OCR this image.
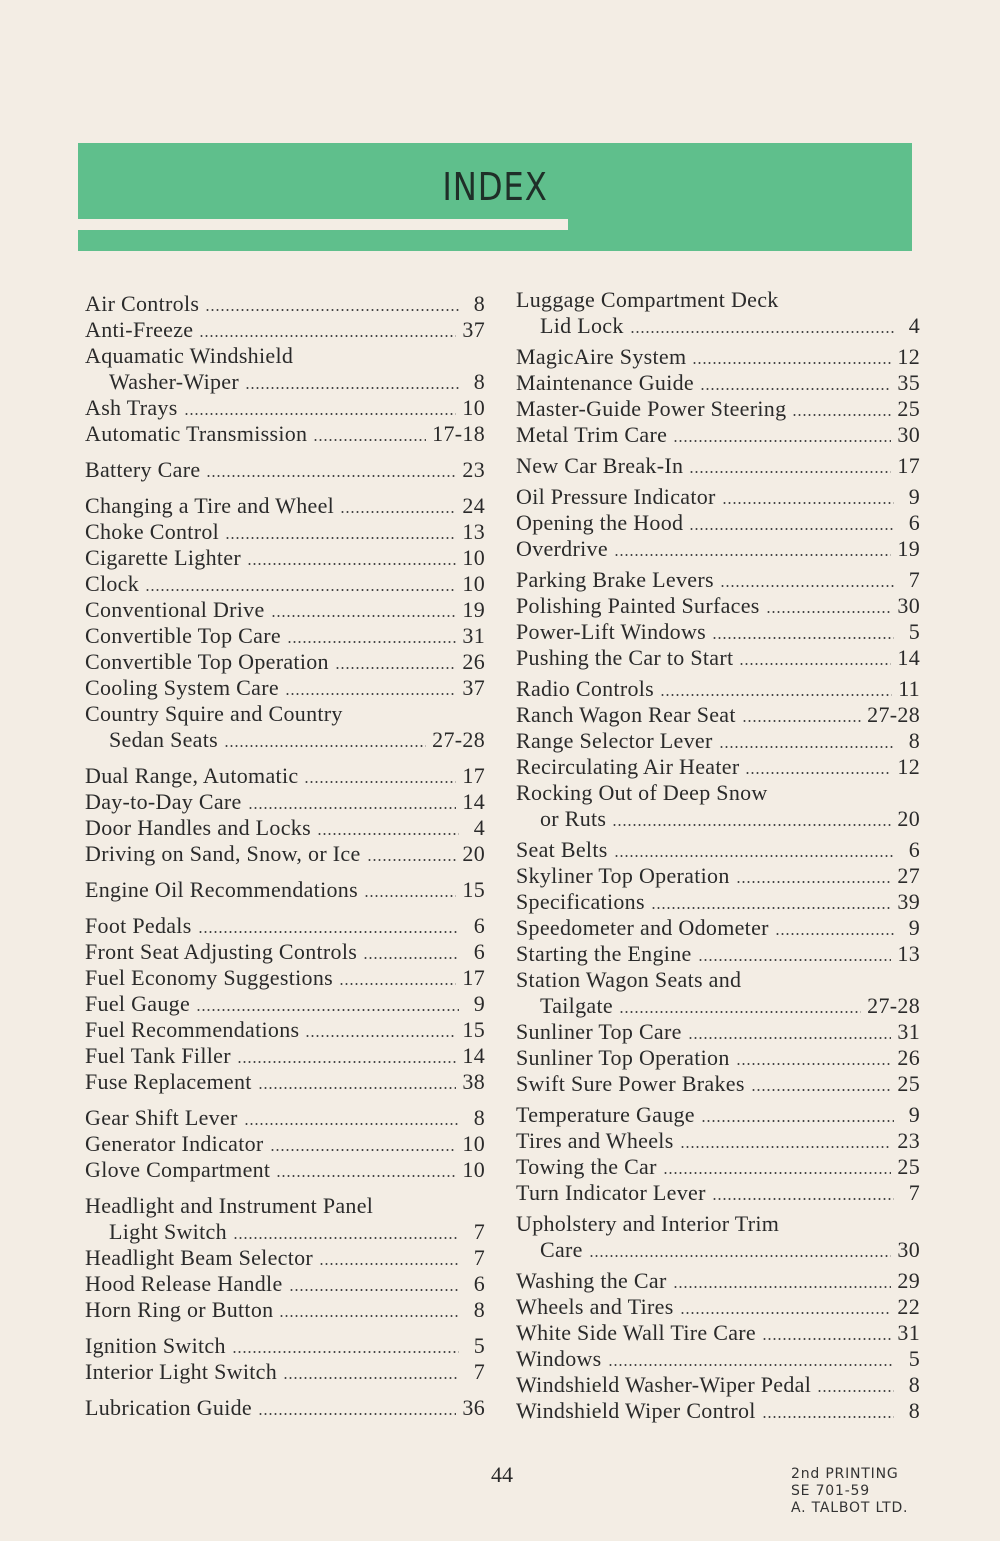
INDEX
Air Controls	8
Anti-Freeze	37
Aquamatic Windshield
Washer-Wiper	8
Ash Trays	10
Automatic Transmission	17-18
Battery Care	23
Changing a Tire and Wheel	24
Choke Control	13
Cigarette Lighter	10
Clock	10
Conventional Drive	19
Convertible Top Care	31
Convertible Top Operation	26
Cooling System Care	37
Country Squire and Country
Sedan Seats	27-28
Dual Range, Automatic	17
Day-to-Day Care	14
Door Handles and Locks	4
Driving on Sand, Snow, or Ice	20
Engine Oil Recommendations	15
Foot Pedals	6
Front Seat Adjusting Controls	6
Fuel Economy Suggestions	17
Fuel Gauge	9
Fuel Recommendations	15
Fuel Tank Filler	14
Fuse Replacement	38
Gear Shift Lever	8
Generator Indicator	10
Glove Compartment	10
Headlight and Instrument Panel
Light Switch	7
Headlight Beam Selector	7
Hood Release Handle	6
Horn Ring or Button	8
Ignition Switch	5
Interior Light Switch	7
Lubrication Guide	36
Luggage Compartment Deck
Lid Lock	4
MagicAire System	12
Maintenance Guide	35
Master-Guide Power Steering	25
Metal Trim Care	30
New Car Break-In	17
Oil Pressure Indicator	9
Opening the Hood	6
Overdrive	19
Parking Brake Levers	7
Polishing Painted Surfaces	30
Power-Lift Windows	5
Pushing the Car to Start	14
Radio Controls	11
Ranch Wagon Rear Seat	27-28
Range Selector Lever	8
Recirculating Air Heater	12
Rocking Out of Deep Snow
or Ruts	20
Seat Belts	6
Skyliner Top Operation	27
Specifications	39
Speedometer and Odometer	9
Starting the Engine	13
Station Wagon Seats and
Tailgate	27-28
Sunliner Top Care	31
Sunliner Top Operation	26
Swift Sure Power Brakes	25
Temperature Gauge	9
Tires and Wheels	23
Towing the Car	25
Turn Indicator Lever	7
Upholstery and Interior Trim
Care	30
Washing the Car	29
Wheels and Tires	22
White Side Wall Tire Care	31
Windows	5
Windshield Washer-Wiper Pedal	8
Windshield Wiper Control	8
44	2nd PRINTING
SE 701-59
A. TALBOT LTD.
